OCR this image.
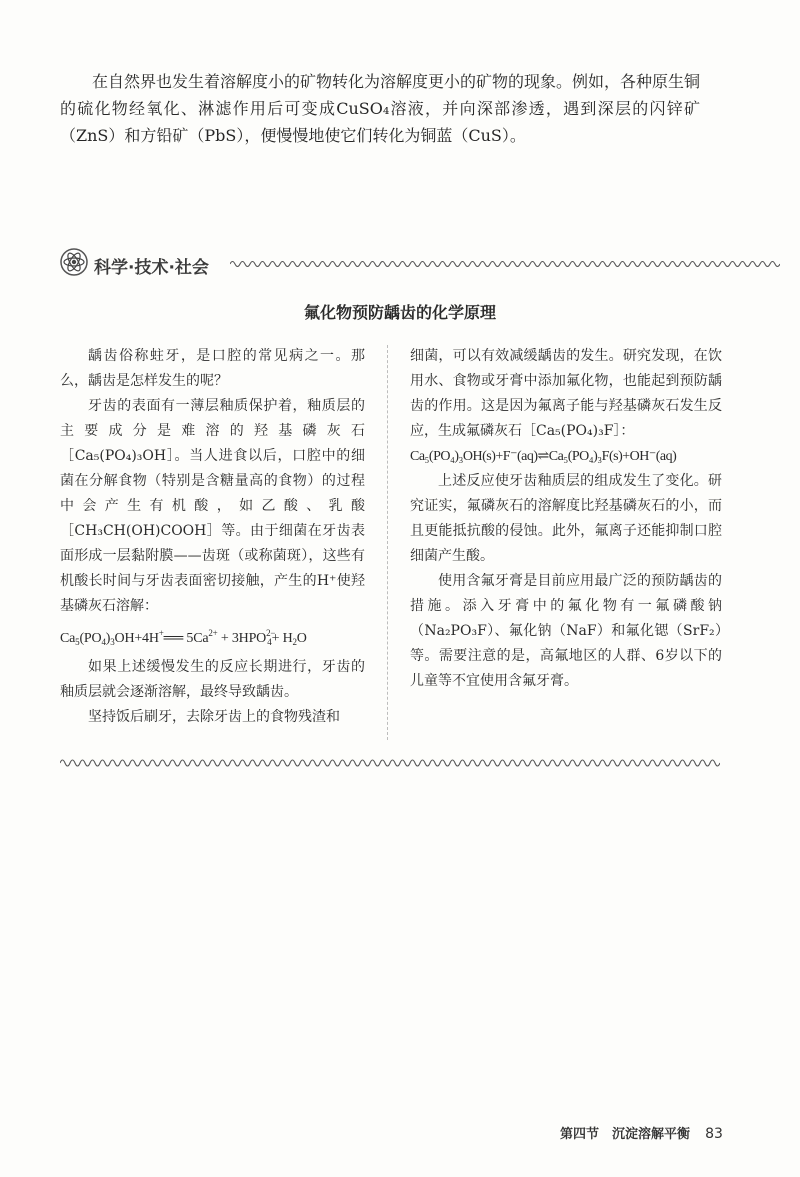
在自然界也发生着溶解度小的矿物转化为溶解度更小的矿物的现象。例如，各种原生铜的硫化物经氧化、淋滤作用后可变成CuSO₄溶液，并向深部渗透，遇到深层的闪锌矿（ZnS）和方铅矿（PbS），便慢慢地使它们转化为铜蓝（CuS）。

科学·技术·社会
氟化物预防龋齿的化学原理

龋齿俗称蛀牙，是口腔的常见病之一。那么，龋齿是怎样发生的呢？

牙齿的表面有一薄层釉质保护着，釉质层的主要成分是难溶的羟基磷灰石［Ca₅(PO₄)₃OH］。当人进食以后，口腔中的细菌在分解食物（特别是含糖量高的食物）的过程中会产生有机酸，如乙酸、乳酸［CH₃CH(OH)COOH］等。由于细菌在牙齿表面形成一层黏附膜——齿斑（或称菌斑），这些有机酸长时间与牙齿表面密切接触，产生的H⁺使羟基磷灰石溶解：

$Ca_5(PO_4)_3OH+4H^+══$ $5Ca^{2+} + 3HPO^{2-}_4+ H_2O$

如果上述缓慢发生的反应长期进行，牙齿的釉质层就会逐渐溶解，最终导致龋齿。

坚持饭后刷牙，去除牙齿上的食物残渣和

细菌，可以有效减缓龋齿的发生。研究发现，在饮用水、食物或牙膏中添加氟化物，也能起到预防龋齿的作用。这是因为氟离子能与羟基磷灰石发生反应，生成氟磷灰石［Ca₅(PO₄)₃F］：

Ca₅(PO₄)₃OH(s)+F⁻(aq)⇌Ca₅(PO₄)₃F(s)+OH⁻(aq)

上述反应使牙齿釉质层的组成发生了变化。研究证实，氟磷灰石的溶解度比羟基磷灰石的小，而且更能抵抗酸的侵蚀。此外，氟离子还能抑制口腔细菌产生酸。

使用含氟牙膏是目前应用最广泛的预防龋齿的措施。添入牙膏中的氟化物有一氟磷酸钠（Na₂PO₃F）、氟化钠（NaF）和氟化锶（SrF₂）等。需要注意的是，高氟地区的人群、6岁以下的儿童等不宜使用含氟牙膏。

第四节　沉淀溶解平衡 83
